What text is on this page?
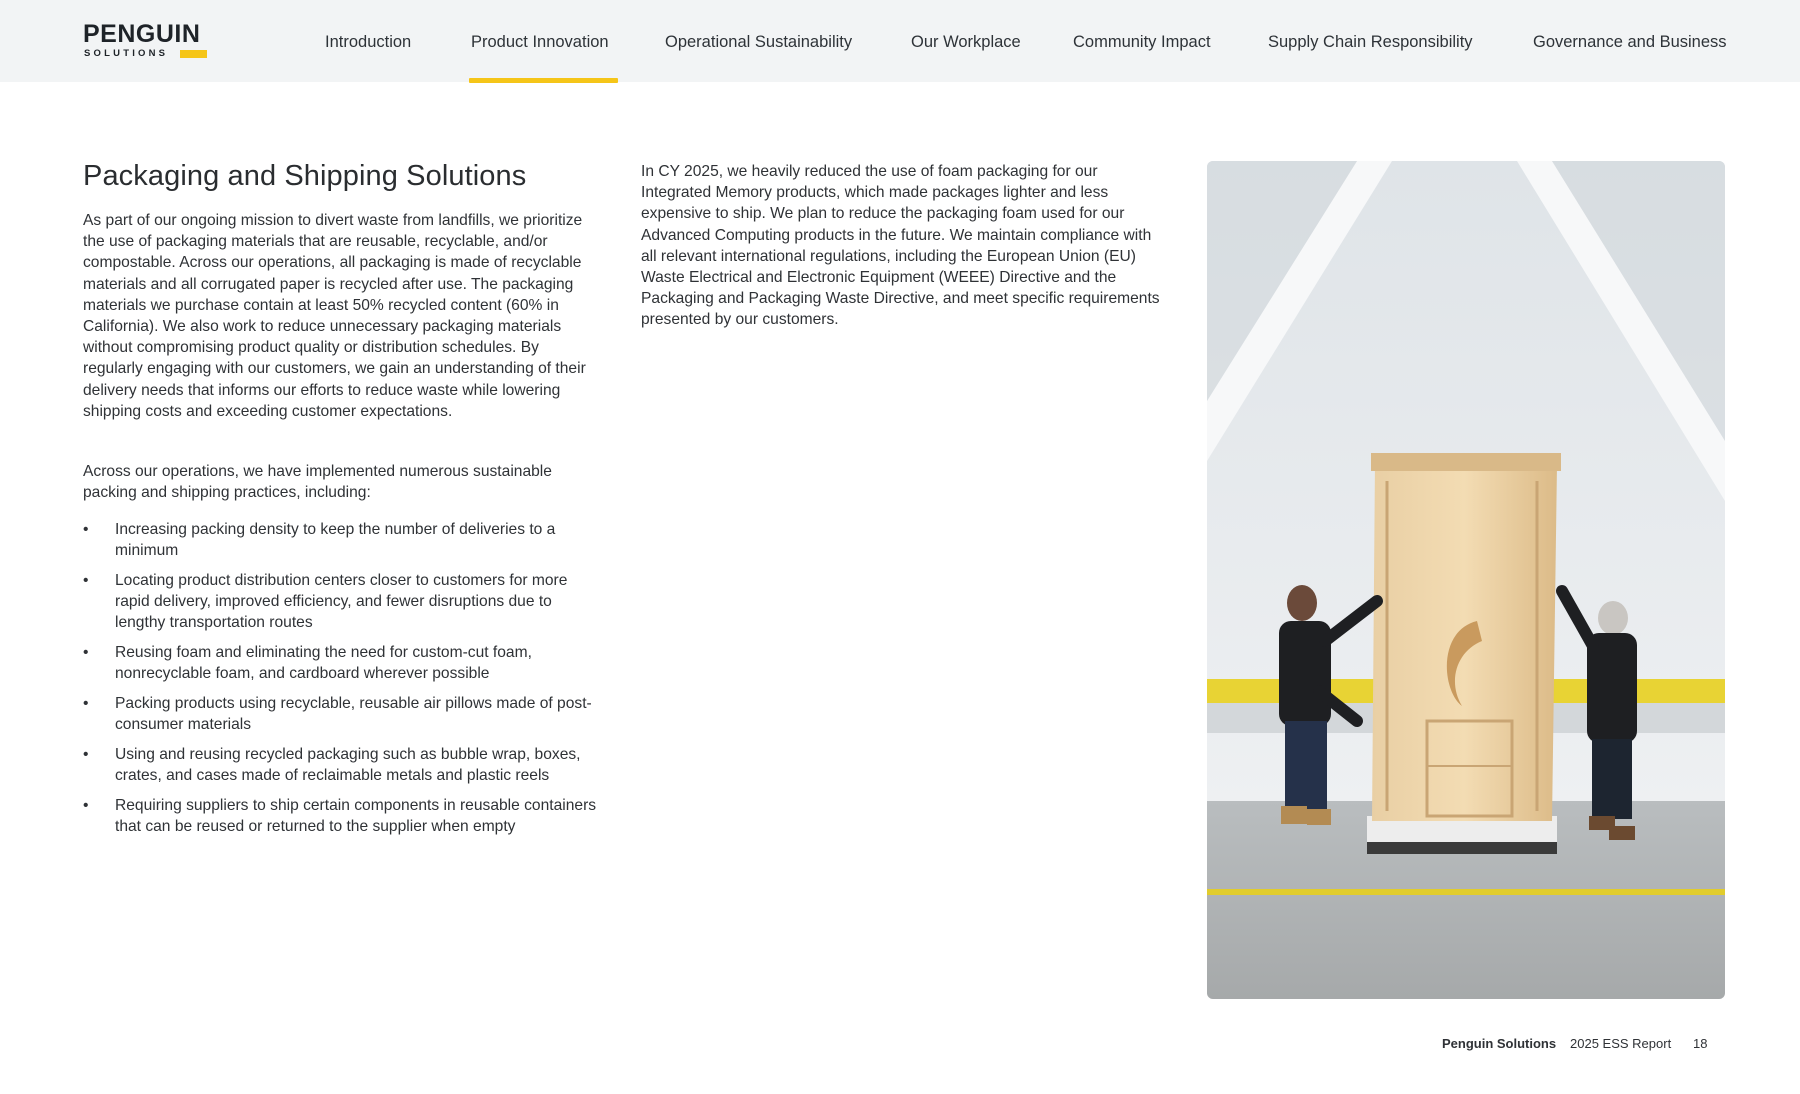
PENGUIN
SOLUTIONS
Introduction	Product Innovation	Operational Sustainability	Our Workplace	Community Impact	Supply Chain Responsibility	Governance and Business
Packaging and Shipping Solutions

As part of our ongoing mission to divert waste from landfills, we prioritize the use of packaging materials that are reusable, recyclable, and/or compostable. Across our operations, all packaging is made of recyclable materials and all corrugated paper is recycled after use. The packaging materials we purchase contain at least 50% recycled content (60% in California). We also work to reduce unnecessary packaging materials without compromising product quality or distribution schedules. By regularly engaging with our customers, we gain an understanding of their delivery needs that informs our efforts to reduce waste while lowering shipping costs and exceeding customer expectations.

Across our operations, we have implemented numerous sustainable packing and shipping practices, including:

• Increasing packing density to keep the number of deliveries to a minimum
• Locating product distribution centers closer to customers for more rapid delivery, improved efficiency, and fewer disruptions due to lengthy transportation routes
• Reusing foam and eliminating the need for custom-cut foam, nonrecyclable foam, and cardboard wherever possible
• Packing products using recyclable, reusable air pillows made of post-consumer materials
• Using and reusing recycled packaging such as bubble wrap, boxes, crates, and cases made of reclaimable metals and plastic reels
• Requiring suppliers to ship certain components in reusable containers that can be reused or returned to the supplier when empty

In CY 2025, we heavily reduced the use of foam packaging for our Integrated Memory products, which made packages lighter and less expensive to ship. We plan to reduce the packaging foam used for our Advanced Computing products in the future. We maintain compliance with all relevant international regulations, including the European Union (EU) Waste Electrical and Electronic Equipment (WEEE) Directive and the Packaging and Packaging Waste Directive, and meet specific requirements presented by our customers.

Penguin Solutions 2025 ESS Report 18
